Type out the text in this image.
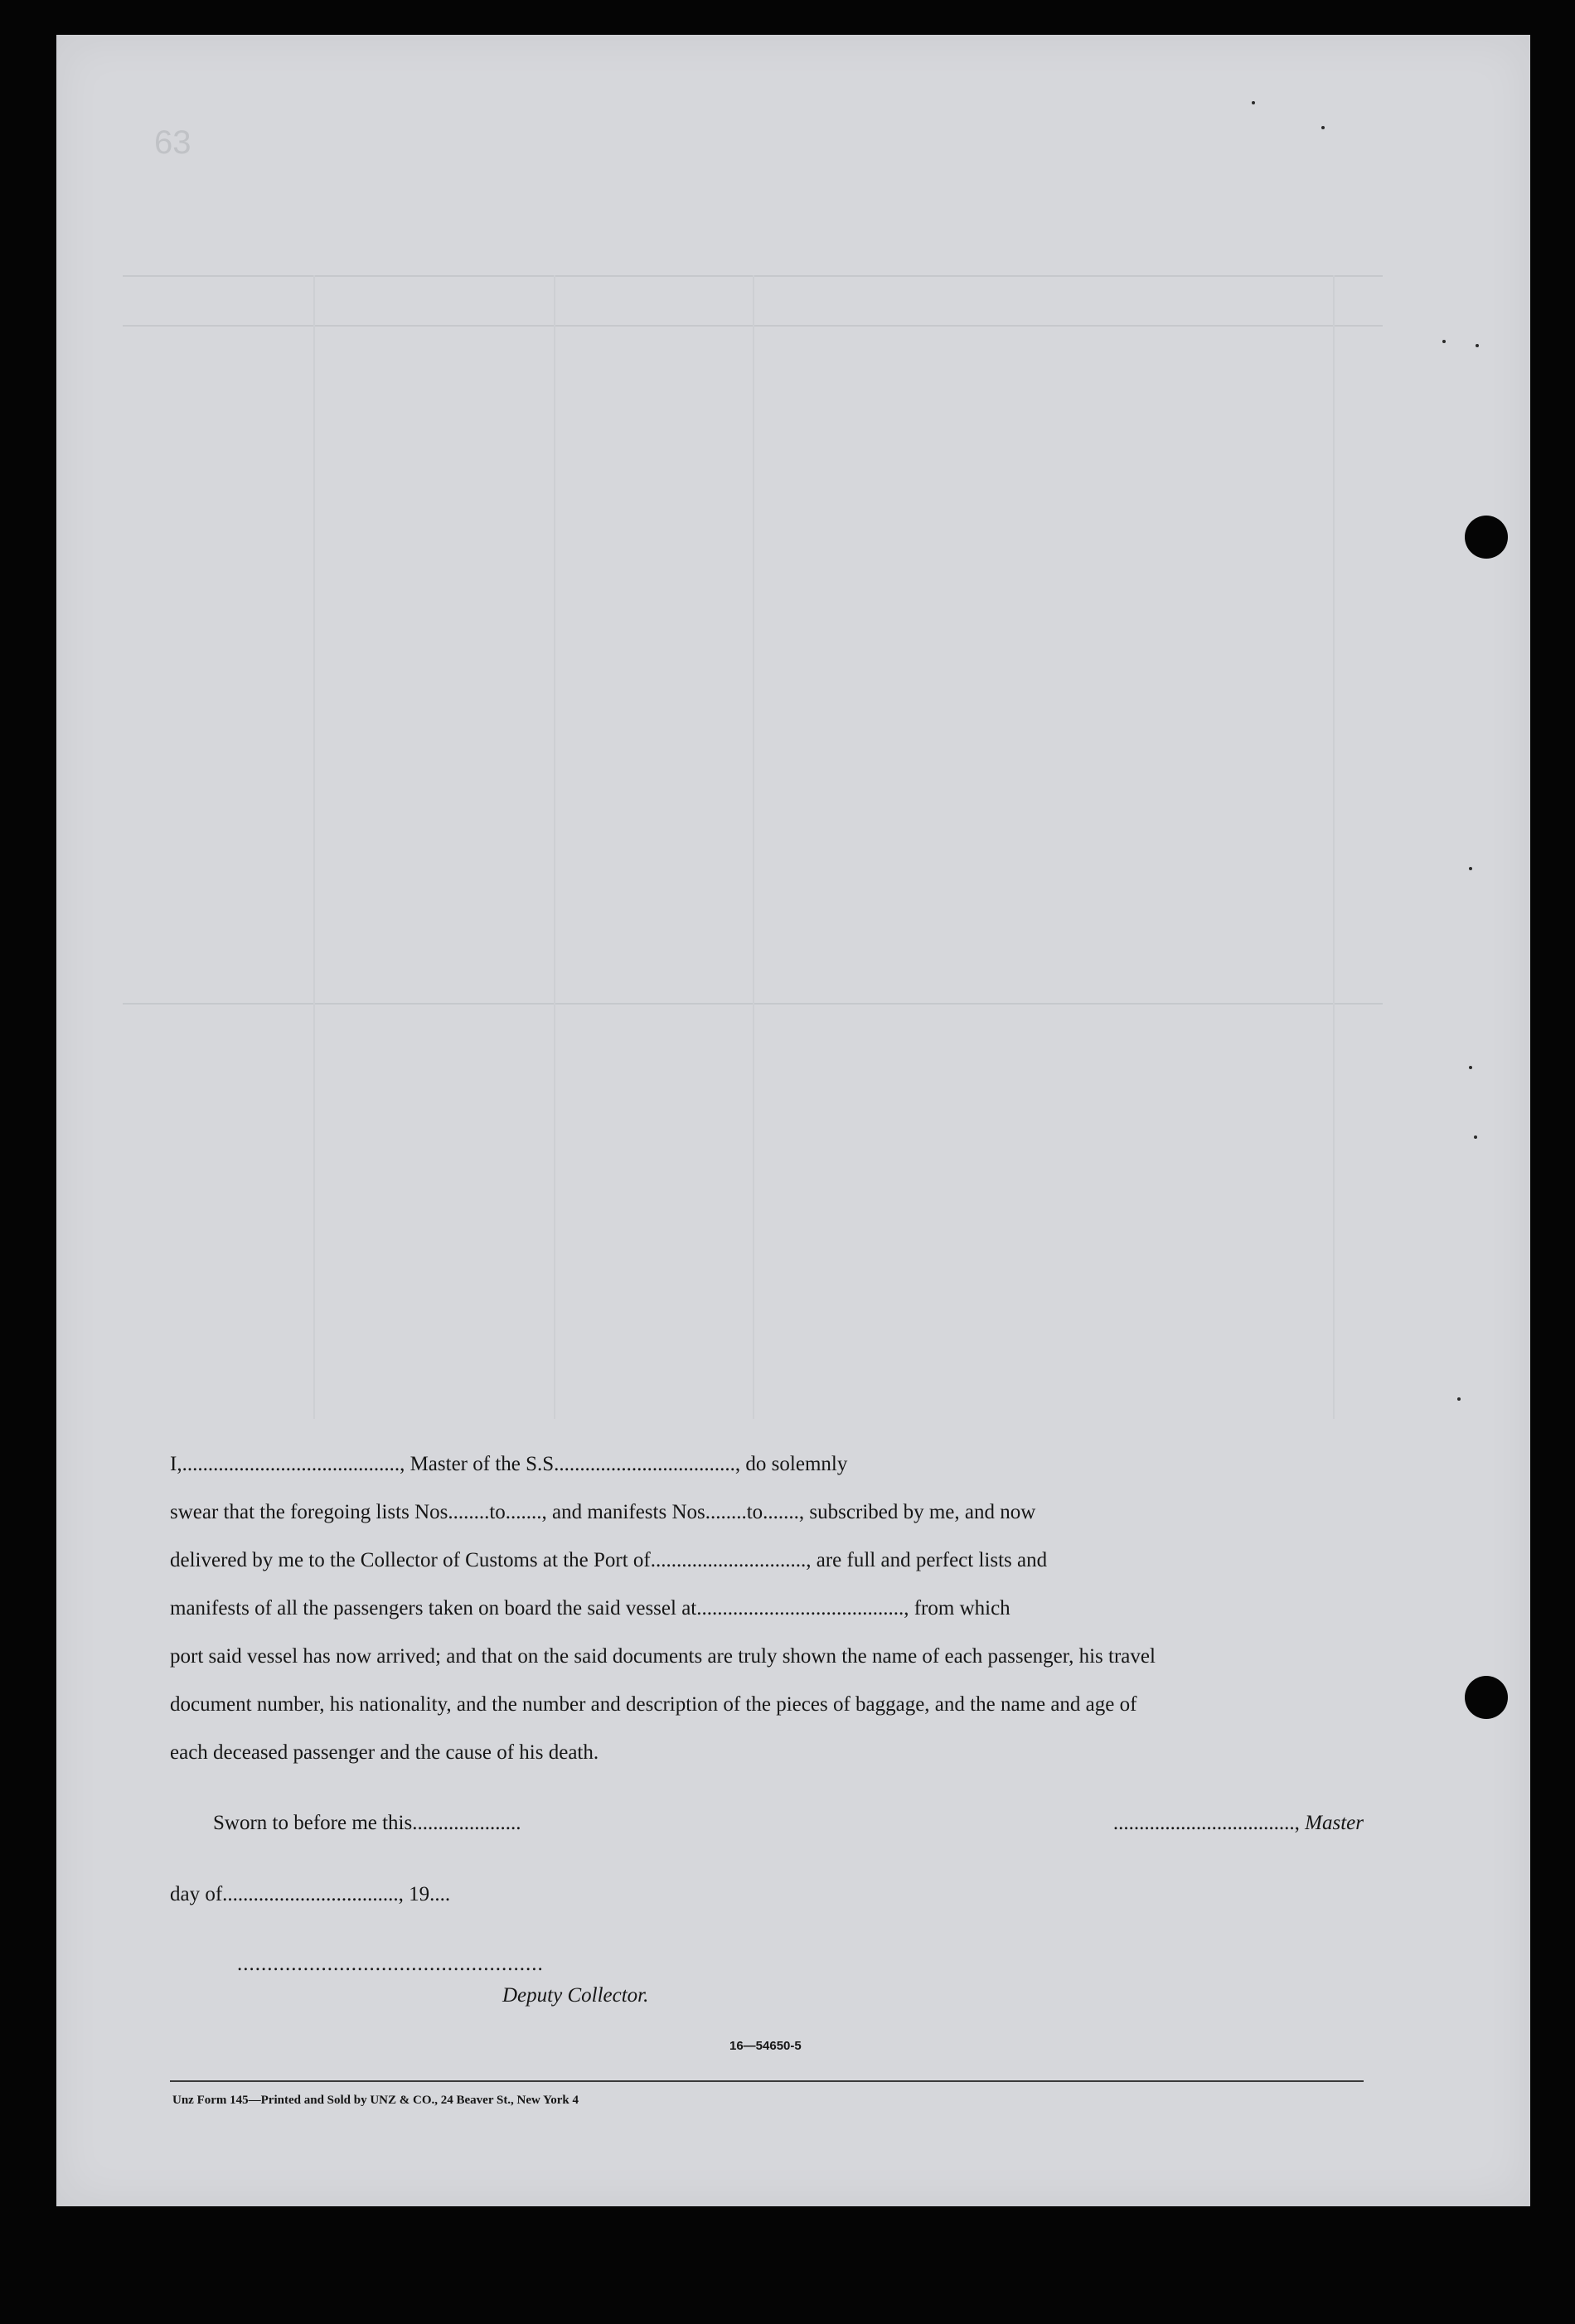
63

I,.........................................., Master of the S.S..................................., do solemnly

swear that the foregoing lists Nos........to......., and manifests Nos........to......., subscribed by me, and now

delivered by me to the Collector of Customs at the Port of.............................., are full and perfect lists and

manifests of all the passengers taken on board the said vessel at........................................, from which

port said vessel has now arrived; and that on the said documents are truly shown the name of each passenger, his travel

document number, his nationality, and the number and description of the pieces of baggage, and the name and age of

each deceased passenger and the cause of his death.

Sworn to before me this.....................	..................................., Master
day of.................................., 19....
...................................................
Deputy Collector.
16—54650-5
Unz Form 145—Printed and Sold by UNZ & CO., 24 Beaver St., New York 4
